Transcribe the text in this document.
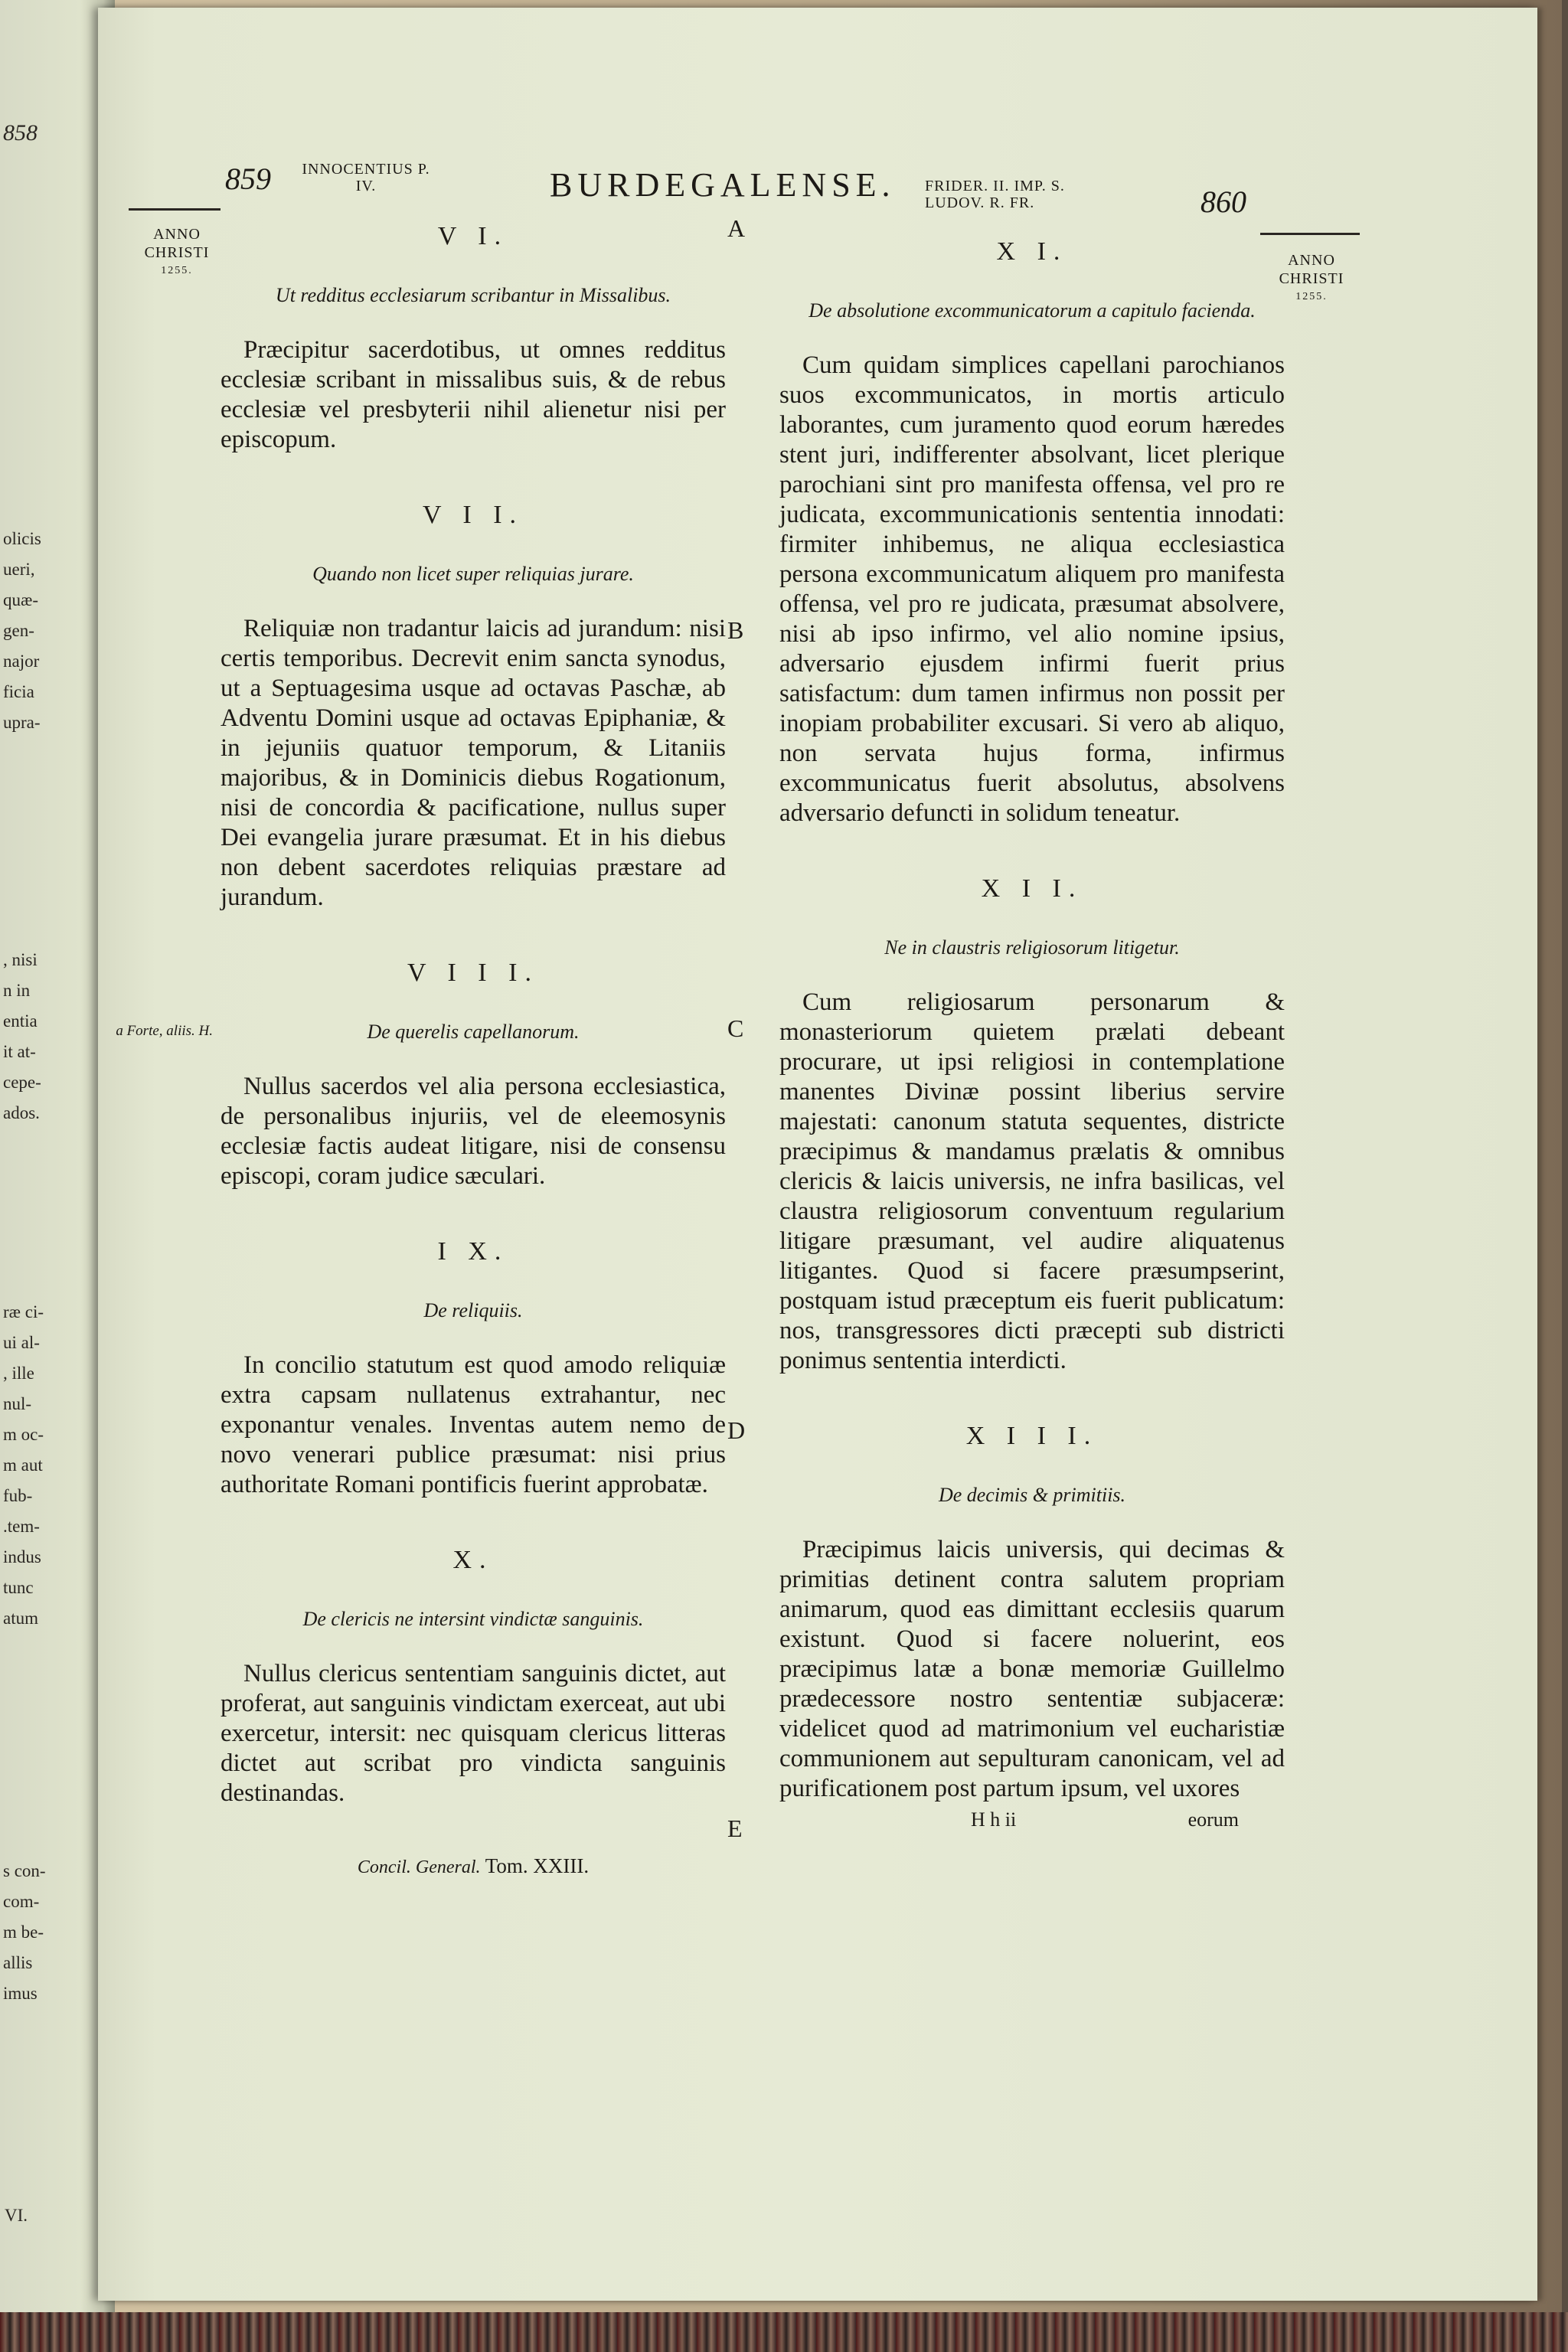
858
olicis
ueri,
quæ-
gen-
najor
ficia
upra-
, nisi
n in
entia
it at-
cepe-
ados.
ræ ci-
ui al-
, ille
nul-
m oc-
m aut
fub-
.tem-
indus
tunc
atum
s con-
com-
m be-
allis
imus
VI.
859	INNOCENTIUS P. IV.	BURDEGALENSE. FRIDER. II. IMP. S. LUDOV. R. FR.	860
ANNO CHRISTI
1255.
ANNO CHRISTI
1255.
A
B
C
D
E
a Forte, aliis. H.
V I.
Ut redditus ecclesiarum scribantur in Missalibus.
Præcipitur sacerdotibus, ut omnes redditus ecclesiæ scribant in missalibus suis, & de rebus ecclesiæ vel presbyterii nihil alienetur nisi per episcopum.
V I I.
Quando non licet super reliquias jurare.
Reliquiæ non tradantur laicis ad jurandum: nisi certis temporibus. Decrevit enim sancta synodus, ut a Septuagesima usque ad octavas Paschæ, ab Adventu Domini usque ad octavas Epiphaniæ, & in jejuniis quatuor temporum, & Litaniis majoribus, & in Dominicis diebus Rogationum, nisi de concordia & pacificatione, nullus super Dei evangelia jurare præsumat. Et in his diebus non debent sacerdotes reliquias præstare ad jurandum.
V I I I.
De querelis capellanorum.
Nullus sacerdos vel alia persona ecclesiastica, de personalibus injuriis, vel de eleemosynis ecclesiæ factis audeat litigare, nisi de consensu episcopi, coram judice sæculari.
I X.
De reliquiis.
In concilio statutum est quod amodo reliquiæ extra capsam nullatenus extrahantur, nec exponantur venales. Inventas autem nemo de novo venerari publice præsumat: nisi prius authoritate Romani pontificis fuerint approbatæ.
X.
De clericis ne intersint vindictæ sanguinis.
Nullus clericus sententiam sanguinis dictet, aut proferat, aut sanguinis vindictam exerceat, aut ubi exercetur, intersit: nec quisquam clericus litteras dictet aut scribat pro vindicta sanguinis destinandas.
Concil. General. Tom. XXIII.
X I.
De absolutione excommunicatorum a capitulo facienda.
Cum quidam simplices capellani parochianos suos excommunicatos, in mortis articulo laborantes, cum juramento quod eorum hæredes stent juri, indifferenter absolvant, licet plerique parochiani sint pro manifesta offensa, vel pro re judicata, excommunicationis sententia innodati: firmiter inhibemus, ne aliqua ecclesiastica persona excommunicatum aliquem pro manifesta offensa, vel pro re judicata, præsumat absolvere, nisi ab ipso infirmo, vel alio nomine ipsius, adversario ejusdem infirmi fuerit prius satisfactum: dum tamen infirmus non possit per inopiam probabiliter excusari. Si vero ab aliquo, non servata hujus forma, infirmus excommunicatus fuerit absolutus, absolvens adversario defuncti in solidum teneatur.
X I I.
Ne in claustris religiosorum litigetur.
Cum religiosarum personarum & monasteriorum quietem prælati debeant procurare, ut ipsi religiosi in contemplatione manentes Divinæ possint liberius servire majestati: canonum statuta sequentes, districte præcipimus & mandamus prælatis & omnibus clericis & laicis universis, ne infra basilicas, vel claustra religiosorum conventuum regularium litigare præsumant, vel audire aliquatenus litigantes. Quod si facere præsumpserint, postquam istud præceptum eis fuerit publicatum: nos, transgressores dicti præcepti sub districti ponimus sententia interdicti.
X I I I.
De decimis & primitiis.
Præcipimus laicis universis, qui decimas & primitias detinent contra salutem propriam animarum, quod eas dimittant ecclesiis quarum existunt. Quod si facere noluerint, eos præcipimus latæ a bonæ memoriæ Guillelmo prædecessore nostro sententiæ subjaceræ: videlicet quod ad matrimonium vel eucharistiæ communionem aut sepulturam canonicam, vel ad purificationem post partum ipsum, vel uxores
H h ii	eorum
